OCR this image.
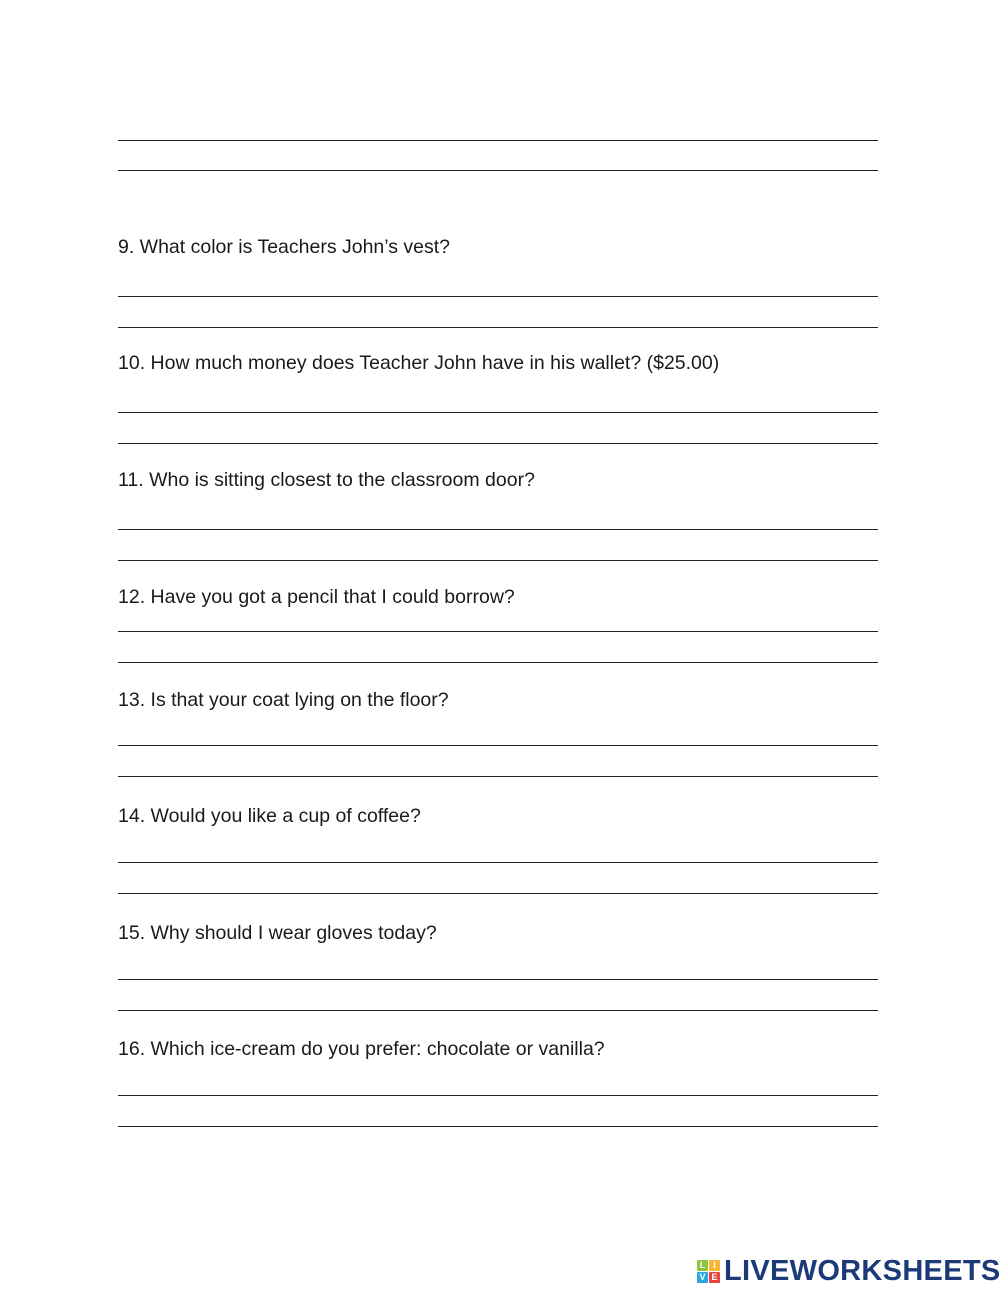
9. What color is Teachers John’s vest?
10. How much money does Teacher John have in his wallet? ($25.00)
11. Who is sitting closest to the classroom door?
12. Have you got a pencil that I could borrow?
13. Is that your coat lying on the floor?
14. Would you like a cup of coffee?
15. Why should I wear gloves today?
16. Which ice-cream do you prefer: chocolate or vanilla?
L I
V E LIVEWORKSHEETS
